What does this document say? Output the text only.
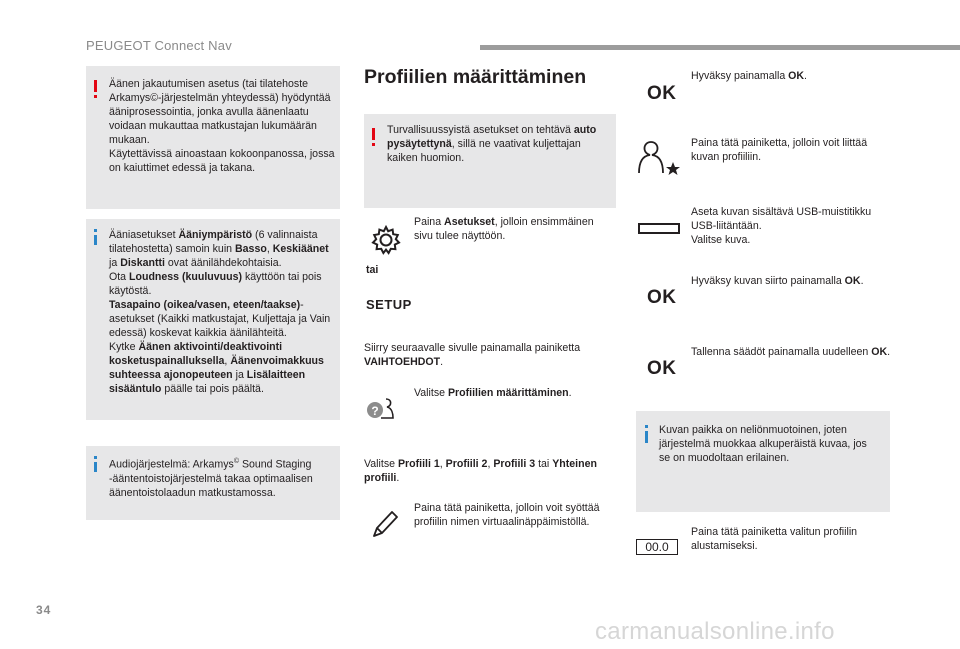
PEUGEOT Connect Nav
34
carmanualsonline.info

Äänen jakautumisen asetus (tai tilatehoste Arkamys©-järjestelmän yhteydessä) hyödyntää ääniprosessointia, jonka avulla äänenlaatu voidaan mukauttaa matkustajan lukumäärän mukaan.

Käytettävissä ainoastaan kokoonpanossa, jossa on kaiuttimet edessä ja takana.

Ääniasetukset Ääniympäristö (6 valinnaista tilatehostetta) samoin kuin Basso, Keskiäänet ja Diskantti ovat äänilähdekohtaisia.

Ota Loudness (kuuluvuus) käyttöön tai pois käytöstä.

Tasapaino (oikea/vasen, eteen/taakse)-asetukset (Kaikki matkustajat, Kuljettaja ja Vain edessä) koskevat kaikkia äänilähteitä.

Kytke Äänen aktivointi/deaktivointi kosketuspainalluksella, Äänenvoimakkuus suhteessa ajonopeuteen ja Lisälaitteen sisääntulo päälle tai pois päältä.

Audiojärjestelmä: Arkamys© Sound Staging -ääntentoistojärjestelmä takaa optimaalisen äänentoistolaadun matkustamossa.

Profiilien määrittäminen

Turvallisuussyistä asetukset on tehtävä auto pysäytettynä, sillä ne vaativat kuljettajan kaiken huomion.

Paina Asetukset, jolloin ensimmäinen sivu tulee näyttöön.

tai
SETUP

Siirry seuraavalle sivulle painamalla painiketta VAIHTOEHDOT.

?

Valitse Profiilien määrittäminen.

Valitse Profiili 1, Profiili 2, Profiili 3 tai Yhteinen profiili.

Paina tätä painiketta, jolloin voit syöttää profiilin nimen virtuaalinäppäimistöllä.

OK

Hyväksy painamalla OK.

Paina tätä painiketta, jolloin voit liittää kuvan profiiliin.

Aseta kuvan sisältävä USB-muistitikku USB-liitäntään.

Valitse kuva.

OK

Hyväksy kuvan siirto painamalla OK.

OK

Tallenna säädöt painamalla uudelleen OK.

Kuvan paikka on neliönmuotoinen, joten järjestelmä muokkaa alkuperäistä kuvaa, jos se on muodoltaan erilainen.

00.0

Paina tätä painiketta valitun profiilin alustamiseksi.
